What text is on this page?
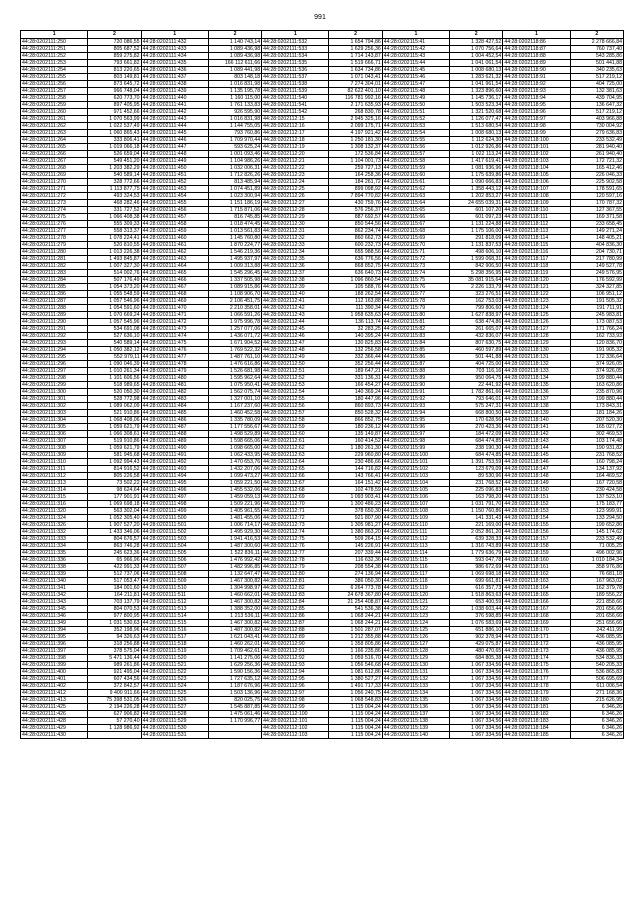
991
1	2	1	2	1	2	1	2	1	2
44:28:0202111:250	720 086,55	44:28:0202111:432	1 140 743,14	44:28:0202111:532	1 654 794,86	44:28:0202115:41	1 328 427,52	44:28:0202118:86	2 278 666,84
44:28:0202111:251	805 687,52	44:28:0202111:433	1 089 436,98	44:28:0202111:533	1 629 256,36	44:28:0202115:42	1 070 756,64	44:28:0202118:87	760 737,40
44:28:0202111:252	859 275,82	44:28:0202111:434	1 089 436,98	44:28:0202111:534	1 714 143,87	44:28:0202115:43	1 004 452,54	44:28:0202118:88	543 285,86
44:28:0202111:253	793 661,82	44:28:0202111:435	166 112 611,66	44:28:0202111:535	1 519 666,71	44:28:0202115:44	1 041 061,54	44:28:0202118:89	501 441,88
44:28:0202111:254	813 220,65	44:28:0202111:436	1 089 441,98	44:28:0202111:536	1 634 734,86	44:28:0202115:45	1 008 680,13	44:28:0202118:90	340 235,63
44:28:0202111:255	803 149,81	44:28:0202111:437	803 148,18	44:28:0202111:537	1 071 043,41	44:28:0202115:46	1 283 621,32	44:28:0202118:91	517 219,12
44:28:0202111:256	873 645,72	44:28:0202111:438	1 016 831,98	44:28:0202111:538	7 274 304,01	44:28:0202115:47	1 041 961,54	44:28:0202118:92	404 725,00
44:28:0202111:257	966 748,04	44:28:0202111:439	1 135 195,78	44:28:0202111:539	82 622 401,10	44:28:0202115:48	1 323 896,60	44:28:0202118:93	132 381,63
44:28:0202111:258	620 773,70	44:28:0202111:440	1 160 115,00	44:28:0202111:540	116 781 992,16	44:28:0202115:49	1 145 736,17	44:28:0202118:94	439 704,95
44:28:0202111:259	897 405,95	44:28:0202111:441	1 761 133,83	44:28:0202111:541	2 171 635,93	44:28:0202115:50	1 503 523,34	44:28:0202118:95	136 647,32
44:28:0202111:260	971 452,66	44:28:0202111:442	926 595,90	44:28:0202111:542	268 830,78	44:28:0202115:51	1 321 520,68	44:28:0202118:96	517 219,12
44:28:0202111:261	1 070 563,99	44:28:0202111:443	1 016 831,98	44:28:0202112:15	2 945 325,16	44:28:0202115:52	1 126 077,47	44:28:0202118:97	403 966,88
44:28:0202111:262	1 022 537,49	44:28:0202111:444	1 144 755,05	44:28:0202112:16	2 099 175,71	44:28:0202115:53	1 513 680,54	44:28:0202118:98	730 004,92
44:28:0202111:263	1 060 865,43	44:28:0202111:445	793 760,86	44:28:0202112:17	4 197 921,42	44:28:0202115:54	1 008 680,13	44:28:0202118:99	279 636,83
44:28:0202111:264	333 806,41	44:28:0202111:446	1 709 970,44	44:28:0202112:18	1 250 181,30	44:28:0202115:55	1 112 624,30	44:28:0202118:100	233 532,49
44:28:0202111:265	1 019 066,18	44:28:0202111:447	593 625,24	44:28:0202112:19	1 308 132,37	44:28:0202115:56	1 012 926,86	44:28:0202118:101	281 940,40
44:28:0202111:266	526 659,04	44:28:0202111:448	1 001 093,46	44:28:0202112:20	172 536,84	44:28:0202115:57	1 022 113,24	44:28:0202118:102	261 940,40
44:28:0202111:267	549 451,20	44:28:0202111:449	1 104 986,26	44:28:0202112:21	1 104 001,73	44:28:0202115:58	1 417 619,41	44:28:0202118:103	172 721,32
44:28:0202111:268	1 203 382,29	44:28:0202111:450	1 032 006,31	44:28:0202112:22	259 727,13	44:28:0202115:59	1 081 936,96	44:28:0202118:104	165 412,46
44:28:0202111:269	540 589,14	44:28:0202111:451	1 712 826,26	44:28:0202112:23	164 258,36	44:28:0202115:60	1 175 639,86	44:28:0202118:105	226 046,33
44:28:0202111:270	328 772,66	44:28:0202111:452	813 485,94	44:28:0202112:24	184 261,72	44:28:0202115:61	1 090 666,83	44:28:0202118:106	225 902,58
44:28:0202111:271	1 113 877,75	44:28:0202111:453	1 074 451,89	44:28:0202112:25	899 098,92	44:28:0202115:62	1 358 443,12	44:28:0202118:107	178 591,65
44:28:0202111:272	493 324,53	44:28:0202111:454	1 023 300,94	44:28:0202112:26	7 894 770,82	44:28:0202115:63	1 202 853,27	44:28:0202118:108	120 597,16
44:28:0202111:273	468 282,46	44:28:0202111:455	1 151 186,19	44:28:0202112:27	430 759,76	44:28:0202115:64	24 655 039,31	44:28:0202118:109	170 787,32
44:28:0202111:274	331 727,52	44:28:0202111:456	1 715 871,06	44:28:0202112:28	576 256,37	44:28:0202115:65	601 107,20	44:28:0202118:110	127 367,55
44:28:0202111:275	1 066 408,38	44:28:0202111:457	816 745,85	44:28:0202112:29	887 692,57	44:28:0202115:66	601 097,23	44:28:0202118:111	169 371,58
44:28:0202111:276	555 309,33	44:28:0202111:458	1 018 474,45	44:28:0202112:30	850 544,56	44:28:0202115:67	1 131 224,88	44:28:0202118:112	233 658,45
44:28:0202111:277	558 313,37	44:28:0202111:459	1 013 561,83	44:28:0202112:31	862 234,74	44:28:0202115:68	1 175 106,00	44:28:0202118:113	149 271,24
44:28:0202111:278	1 078 224,41	44:28:0202111:460	1 145 760,80	44:28:0202112:32	860 662,73	44:28:0202115:69	291 818,09	44:28:0202118:114	148 405,21
44:28:0202111:279	520 810,55	44:28:0202111:461	1 870 224,77	44:28:0202112:33	600 232,73	44:28:0202115:70	1 131 837,53	44:28:0202118:115	404 836,30
44:28:0202111:280	1 013 226,38	44:28:0202111:462	1 546 219,36	44:28:0202112:34	655 988,56	44:28:0202115:71	498 606,10	44:28:0202118:116	204 730,71
44:28:0202111:281	1 493 845,87	44:28:0202111:463	1 495 937,97	44:28:0202112:35	636 776,56	44:28:0202115:72	1 599 068,31	44:28:0202118:117	217 780,99
44:28:0202111:282	1 007 327,30	44:28:0202111:464	1 009 313,88	44:28:0202112:36	868 852,75	44:28:0202115:73	842 906,50	44:28:0202118:118	149 527,78
44:28:0202111:283	514 002,76	44:28:0202111:465	1 545 296,45	44:28:0202112:37	636 640,73	44:28:0202115:74	5 298 356,95	44:28:0202118:119	249 576,95
44:28:0202111:284	507 176,49	44:28:0202111:466	1 337 505,98	44:28:0202112:38	1 096 860,54	44:28:0202115:75	35 081 915,64	44:28:0202118:120	176 592,99
44:28:0202111:285	1 054 373,20	44:28:0202111:467	1 089 915,86	44:28:0202112:39	105 588,76	44:28:0202115:76	2 226 133,79	44:28:0202118:121	324 327,85
44:28:0202111:286	1 055 548,59	44:28:0202111:468	1 108 906,70	44:28:0202112:40	188 262,54	44:28:0202115:77	323 276,51	44:28:0202118:122	106 951,12
44:28:0202111:287	1 057 546,96	44:28:0202111:469	2 106 451,75	44:28:0202112:41	112 163,88	44:28:0202115:78	162 753,03	44:28:0202118:123	191 505,32
44:28:0202111:288	1 054 591,60	44:28:0202111:470	2 210 358,01	44:28:0202112:42	111 390,34	44:28:0202115:79	799 806,60	44:28:0202118:124	191 711,91
44:28:0202111:289	1 070 669,24	44:28:0202111:471	1 066 591,26	44:28:0202112:43	1 958 635,63	44:28:0202115:80	1 627 838,97	44:28:0202118:125	245 983,81
44:28:0202111:290	1 057 545,96	44:28:0202111:472	1 975 996,78	44:28:0202112:44	136 113,74	44:28:0202115:81	638 474,86	44:28:0202118:126	173 087,53
44:28:0202111:291	534 691,08	44:28:0202111:473	1 257 077,06	44:28:0202112:45	32 283,25	44:28:0202115:82	261 665,07	44:28:0202118:127	171 766,24
44:28:0202111:292	527 636,10	44:28:0202111:474	1 436 071,72	44:28:0202112:46	140 395,24	44:28:0202115:83	432 836,07	44:28:0202118:128	162 733,93
44:28:0202111:293	540 589,14	44:28:0202111:475	1 671 904,52	44:28:0202112:47	130 825,83	44:28:0202115:84	807 630,75	44:28:0202118:129	120 836,70
44:28:0202111:294	1 050 382,12	44:28:0202111:476	1 769 522,32	44:28:0202112:48	132 256,58	44:28:0202115:85	460 597,89	44:28:0202118:130	191 905,32
44:28:0202111:295	552 979,11	44:28:0202111:477	1 487 761,10	44:28:0202112:49	332 366,44	44:28:0202115:86	501 441,88	44:28:0202118:131	172 336,64
44:28:0202111:296	1 090 046,39	44:28:0202111:478	1 476 616,86	44:28:0202112:50	352 256,44	44:28:0202115:87	404 725,00	44:28:0202118:132	374 926,05
44:28:0202111:297	1 010 261,34	44:28:0202111:479	1 526 681,98	44:28:0202112:51	189 647,21	44:28:0202115:88	703 116,16	44:28:0202118:133	374 926,05
44:28:0202111:298	1 101 606,56	44:28:0202111:480	1 595 962,64	44:28:0202112:52	331 136,31	44:28:0202115:89	950 064,75	44:28:0202118:134	199 880,44
44:28:0202111:299	518 989,65	44:28:0202111:481	1 075 950,41	44:28:0202112:53	166 454,27	44:28:0202115:90	22 441,92	44:28:0202118:135	163 620,86
44:28:0202111:300	520 050,30	44:28:0202111:482	1 562 075,74	44:28:0202112:54	140 369,24	44:28:0202115:91	1 782 861,66	44:28:0202118:136	235 870,96
44:28:0202111:301	528 772,98	44:28:0202111:483	1 327 001,10	44:28:0202112:55	180 447,96	44:28:0202115:92	793 646,01	44:28:0202118:137	199 880,44
44:28:0202111:302	1 089 062,09	44:28:0202111:484	1 167 237,60	44:28:0202112:56	860 893,73	44:28:0202115:93	575 247,31	44:28:0202118:138	173 843,31
44:28:0202111:303	521 910,86	44:28:0202111:485	1 460 452,58	44:28:0202112:57	850 528,32	44:28:0202115:94	668 800,50	44:28:0202118:139	181 184,26
44:28:0202111:304	1 068 408,06	44:28:0202111:486	1 335 780,09	44:28:0202112:58	866 852,75	44:28:0202115:95	170 628,56	44:28:0202118:140	207 520,30
44:28:0202111:305	1 059 621,79	44:28:0202111:487	1 177 556,67	44:28:0202112:59	180 236,12	44:28:0202115:96	270 423,36	44:28:0202118:141	165 027,72
44:28:0202111:306	1 066 308,61	44:28:0202111:488	1 498 529,89	44:28:0202112:60	135 149,87	44:28:0202115:97	184 472,09	44:28:0202118:142	302 469,53
44:28:0202111:307	519 910,86	44:28:0202111:489	1 598 665,06	44:28:0202112:61	160 414,52	44:28:0202115:98	684 474,85	44:28:0202118:143	103 174,48
44:28:0202111:308	1 059 621,79	44:28:0202111:490	1 098 665,00	44:28:0202112:62	1 180 261,30	44:28:0202115:99	238 190,30	44:28:0202118:144	190 931,82
44:28:0202111:309	581 945,68	44:28:0202111:491	1 062 433,95	44:28:0202112:63	229 960,80	44:28:0202115:100	684 474,85	44:28:0202118:145	231 768,52
44:28:0202111:310	1 092 994,43	44:28:0202111:492	1 470 653,76	44:28:0202112:64	230 486,66	44:28:0202115:101	1 391 753,59	44:28:0202118:146	160 798,24
44:28:0202111:311	814 916,52	44:28:0202111:493	1 432 207,06	44:28:0202112:65	144 716,82	44:28:0202115:102	123 679,09	44:28:0202118:147	134 137,92
44:28:0202111:312	805 226,58	44:28:0202111:494	1 099 473,27	44:28:0202112:66	143 766,41	44:28:0202115:103	89 530,96	44:28:0202118:148	164 469,52
44:28:0202111:313	73 502,22	44:28:0202111:495	1 059 221,50	44:28:0202112:67	164 151,42	44:28:0202115:104	231 768,52	44:28:0202118:149	167 720,58
44:28:0202111:314	98 624,64	44:28:0202111:496	1 455 532,06	44:28:0202112:68	102 478,59	44:28:0202115:105	225 096,83	44:28:0202118:150	230 424,58
44:28:0202111:315	177 901,91	44:28:0202111:497	1 459 059,13	44:28:0202112:69	1 093 903,41	44:28:0202115:106	163 798,20	44:28:0202118:151	137 523,10
44:28:0202111:316	1 069 698,18	44:28:0202111:498	1 509 221,96	44:28:0202112:70	1 300 486,23	44:28:0202115:107	1 031 791,70	44:28:0202118:152	175 183,77
44:28:0202111:320	563 302,04	44:28:0202111:499	1 405 961,55	44:28:0202112:71	378 650,30	44:28:0202115:108	1 150 760,86	44:28:0202118:153	123 999,91
44:28:0202111:324	1 052 305,40	44:28:0202111:500	1 481 455,06	44:28:0202112:72	921 807,90	44:28:0202115:109	141 331,43	44:28:0202118:154	133 294,50
44:28:0202111:326	1 907 527,20	44:28:0202111:501	1 006 714,17	44:28:0202112:73	1 305 981,27	44:28:0202115:110	221 169,00	44:28:0202118:155	199 652,86
44:28:0202111:332	1 433 346,06	44:28:0202111:502	1 495 929,30	44:28:0202112:74	1 380 863,20	44:28:0202115:111	2 052 861,20	44:28:0202118:156	145 174,62
44:28:0202111:333	804 676,57	44:28:0202111:503	1 941 416,53	44:28:0202112:75	509 264,15	44:28:0202115:112	639 328,33	44:28:0202118:157	233 532,49
44:28:0202111:334	863 746,28	44:28:0202111:504	1 487 300,60	44:28:0202112:76	145 226,91	44:28:0202115:113	1 316 743,89	44:28:0202118:158	71 005,25
44:28:0202111:335	245 623,36	44:28:0202111:505	1 522 836,11	44:28:0202112:77	207 339,44	44:28:0202115:114	1 779 636,79	44:28:0202118:159	496 002,96
44:28:0202111:336	65 966,96	44:28:0202111:506	1 476 992,42	44:28:0202112:78	116 632,36	44:28:0202115:115	593 047,78	44:28:0202118:160	1 010 184,34
44:28:0202111:338	422 991,33	44:28:0202111:507	1 482 996,85	44:28:0202112:79	208 554,38	44:28:0202115:116	986 672,69	44:28:0202118:161	358 976,86
44:28:0202111:339	512 737,06	44:28:0202111:508	1 132 647,47	44:28:0202112:80	274 136,94	44:28:0202115:117	1 069 698,18	44:28:0202118:162	76 681,18
44:28:0202111:340	517 053,47	44:28:0202111:509	1 467 300,82	44:28:0202112:81	386 050,30	44:28:0202115:118	699 661,81	44:28:0202118:163	167 963,02
44:28:0202111:341	184 001,60	44:28:0202111:510	1 304 998,97	44:28:0202112:82	6 264 773,78	44:28:0202115:119	616 357,73	44:28:0202118:164	162 379,78
44:28:0202111:342	164 211,81	44:28:0202111:511	1 460 662,01	44:28:0202112:83	24 678 367,80	44:28:0202115:120	1 518 863,63	44:28:0202118:165	189 556,22
44:28:0202111:343	703 137,79	44:28:0202111:512	1 467 300,82	44:28:0202112:84	21 254 408,87	44:28:0202115:121	653 400,59	44:28:0202118:166	221 858,66
44:28:0202111:345	804 070,53	44:28:0202111:513	1 388 352,00	44:28:0202112:85	541 536,38	44:28:0202115:122	1 038 603,44	44:28:0202118:167	201 656,66
44:28:0202111:346	977 800,95	44:28:0202111:514	1 213 536,11	44:28:0202112:86	1 068 244,21	44:28:0202115:123	376 598,85	44:28:0202118:168	201 656,66
44:28:0202111:349	1 031 530,63	44:28:0202111:515	1 467 300,82	44:28:0202112:87	1 068 244,21	44:28:0202115:124	1 076 583,69	44:28:0202118:169	251 656,66
44:28:0202111:394	352 198,96	44:28:0202111:516	1 487 300,82	44:28:0202112:88	1 501 287,07	44:28:0202115:125	651 886,10	44:28:0202118:170	242 411,99
44:28:0202111:395	94 326,63	44:28:0202111:517	1 621 043,41	44:28:0202112:89	1 212 355,88	44:28:0202115:126	902 378,94	44:28:0202118:171	436 085,95
44:28:0202111:396	318 256,88	44:28:0202111:518	1 460 262,01	44:28:0202112:90	1 358 805,86	44:28:0202115:127	429 075,87	44:28:0202118:172	436 085,95
44:28:0202111:397	378 575,04	44:28:0202111:519	1 709 462,61	44:28:0202112:91	1 166 235,86	44:28:0202115:128	480 470,65	44:28:0202118:173	436 085,95
44:28:0202111:398	5 471 136,44	44:28:0202111:520	1 141 275,06	44:28:0202112:92	1 059 516,70	44:28:0202115:129	684 805,38	44:28:0202118:174	534 836,33
44:28:0202111:399	989 261,86	44:28:0202111:521	1 629 256,36	44:28:0202112:93	1 056 546,68	44:28:0202115:130	1 067 334,56	44:28:0202118:175	540 205,33
44:28:0202111:400	921 495,04	44:28:0202111:522	1 590 156,36	44:28:0202112:94	1 081 612,86	44:28:0202115:131	1 067 334,56	44:28:0202118:176	536 865,83
44:28:0202111:401	607 434,56	44:28:0202111:523	1 727 635,12	44:28:0202112:95	1 380 527,27	44:28:0202115:132	1 067 334,56	44:28:0202118:177	506 695,69
44:28:0202111:402	372 842,57	44:28:0202111:524	1 187 676,96	44:28:0202112:96	1 491 717,33	44:28:0202115:133	1 067 334,56	44:28:0202118:178	611 006,54
44:28:0202111:412	9 400 911,66	44:28:0202111:525	1 503 136,96	44:28:0202112:97	1 056 240,75	44:28:0202115:134	1 067 334,56	44:28:0202118:179	271 168,36
44:28:0202111:413	75 398 531,05	44:28:0202111:526	820 025,75	44:28:0202112:98	1 068 548,83	44:28:0202115:135	1 067 334,56	44:28:0202118:180	215 626,95
44:28:0202111:425	2 194 226,28	44:28:0202111:527	1 545 887,85	44:28:0202112:99	1 115 004,24	44:28:0202115:136	1 067 334,56	44:28:0202118:181	6 346,26
44:28:0202111:426	627 906,82	44:28:0202111:528	1 475 061,46	44:28:0202112:100	1 115 004,24	44:28:0202115:137	1 067 334,56	44:28:0202118:182	6 346,26
44:28:0202111:428	57 270,40	44:28:0202111:529	1 170 996,77	44:28:0202112:101	1 115 004,24	44:28:0202115:138	1 067 334,56	44:28:0202118:183	6 346,26
44:28:0202111:429	1 128 986,92	44:28:0202111:530		44:28:0202112:102	1 115 004,24	44:28:0202115:139	1 067 334,56	44:28:0202118:184	6 346,26
44:28:0202111:430		44:28:0202111:531		44:28:0202112:103	1 115 004,24	44:28:0202115:140	1 067 334,56	44:28:0202118:185	6 346,26
